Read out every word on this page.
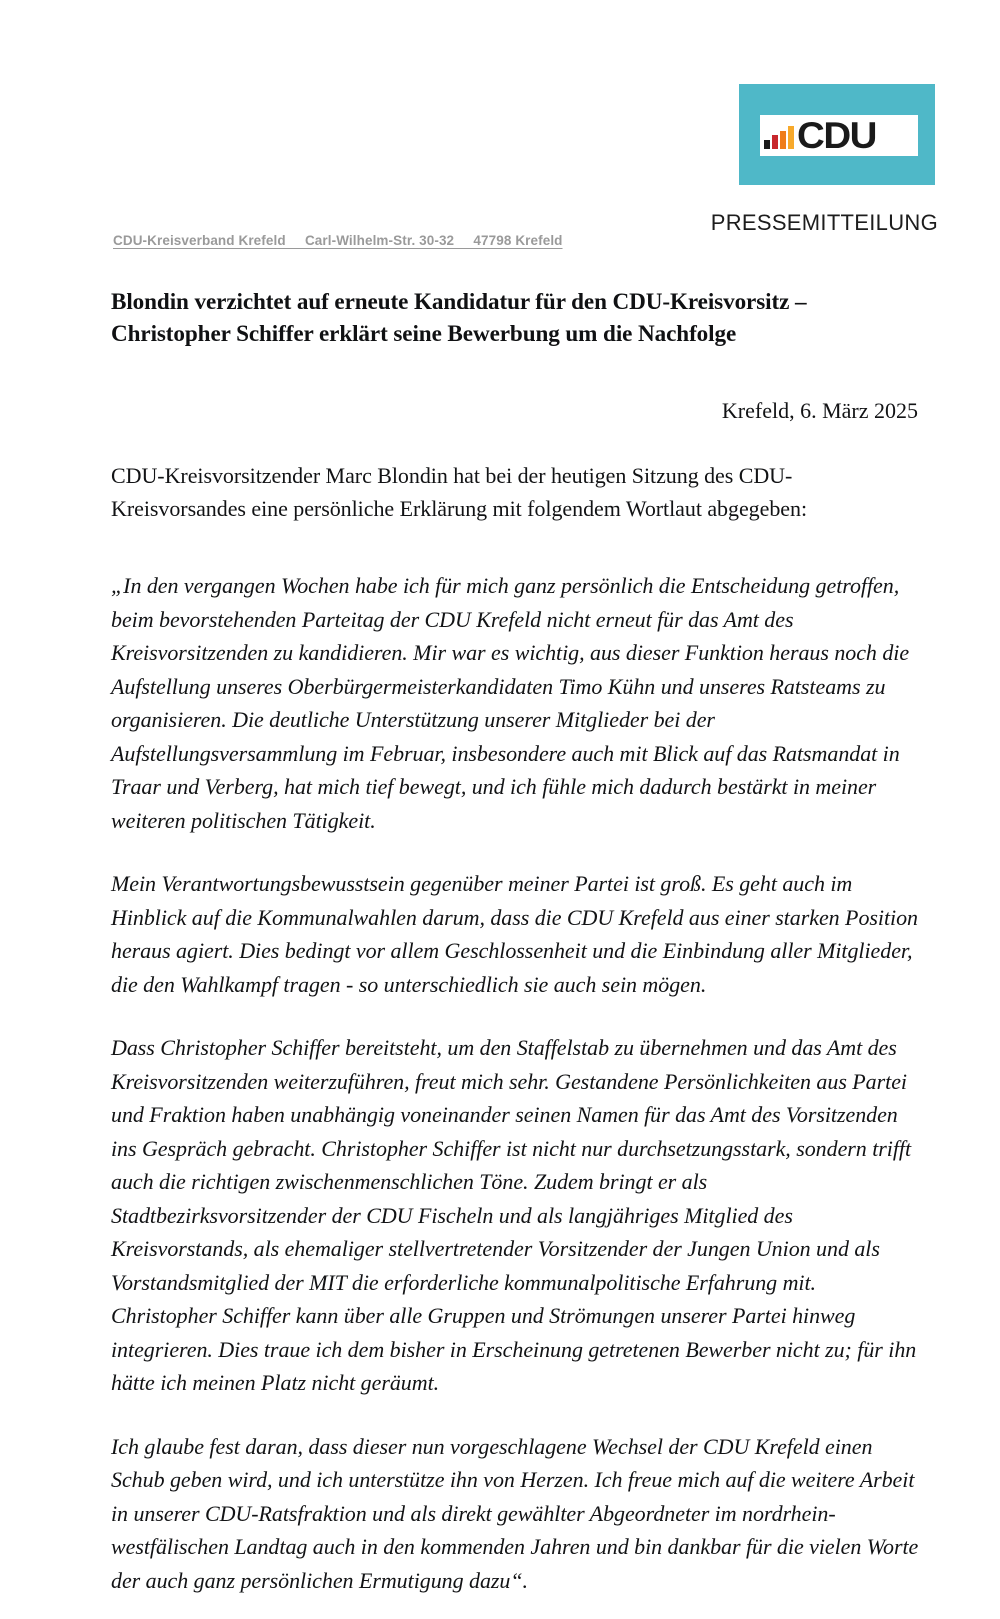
CDU
PRESSEMITTEILUNG
CDU-Kreisverband Krefeld     Carl-Wilhelm-Str. 30-32     47798 Krefeld
Blondin verzichtet auf erneute Kandidatur für den CDU-Kreisvorsitz – Christopher Schiffer erklärt seine Bewerbung um die Nachfolge
Krefeld, 6. März 2025

CDU-Kreisvorsitzender Marc Blondin hat bei der heutigen Sitzung des CDU-Kreisvorsandes eine persönliche Erklärung mit folgendem Wortlaut abgegeben:

„In den vergangen Wochen habe ich für mich ganz persönlich die Entscheidung getroffen, beim bevorstehenden Parteitag der CDU Krefeld nicht erneut für das Amt des Kreisvorsitzenden zu kandidieren. Mir war es wichtig, aus dieser Funktion heraus noch die Aufstellung unseres Oberbürgermeisterkandidaten Timo Kühn und unseres Ratsteams zu organisieren. Die deutliche Unterstützung unserer Mitglieder bei der Aufstellungsversammlung im Februar, insbesondere auch mit Blick auf das Ratsmandat in Traar und Verberg, hat mich tief bewegt, und ich fühle mich dadurch bestärkt in meiner weiteren politischen Tätigkeit.

Mein Verantwortungsbewusstsein gegenüber meiner Partei ist groß. Es geht auch im Hinblick auf die Kommunalwahlen darum, dass die CDU Krefeld aus einer starken Position heraus agiert. Dies bedingt vor allem Geschlossenheit und die Einbindung aller Mitglieder, die den Wahlkampf tragen - so unterschiedlich sie auch sein mögen.

Dass Christopher Schiffer bereitsteht, um den Staffelstab zu übernehmen und das Amt des Kreisvorsitzenden weiterzuführen, freut mich sehr. Gestandene Persönlichkeiten aus Partei und Fraktion haben unabhängig voneinander seinen Namen für das Amt des Vorsitzenden ins Gespräch gebracht. Christopher Schiffer ist nicht nur durchsetzungsstark, sondern trifft auch die richtigen zwischenmenschlichen Töne. Zudem bringt er als Stadtbezirksvorsitzender der CDU Fischeln und als langjähriges Mitglied des Kreisvorstands, als ehemaliger stellvertretender Vorsitzender der Jungen Union und als Vorstandsmitglied der MIT die erforderliche kommunalpolitische Erfahrung mit. Christopher Schiffer kann über alle Gruppen und Strömungen unserer Partei hinweg integrieren. Dies traue ich dem bisher in Erscheinung getretenen Bewerber nicht zu; für ihn hätte ich meinen Platz nicht geräumt.

Ich glaube fest daran, dass dieser nun vorgeschlagene Wechsel der CDU Krefeld einen Schub geben wird, und ich unterstütze ihn von Herzen. Ich freue mich auf die weitere Arbeit in unserer CDU-Ratsfraktion und als direkt gewählter Abgeordneter im nordrhein-westfälischen Landtag auch in den kommenden Jahren und bin dankbar für die vielen Worte der auch ganz persönlichen Ermutigung dazu“.
